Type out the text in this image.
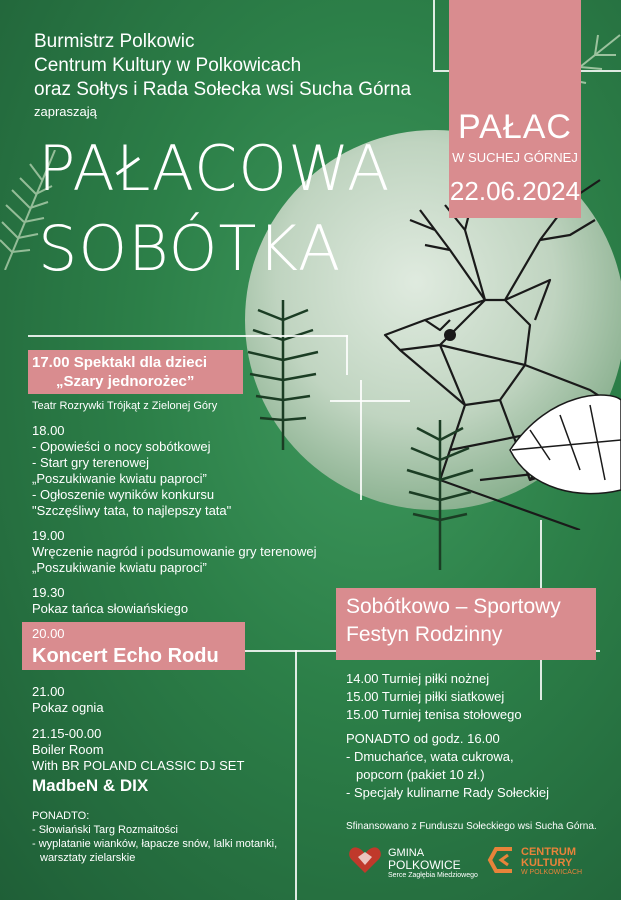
Burmistrz Polkowic
Centrum Kultury w Polkowicach
oraz Sołtys i Rada Sołecka wsi Sucha Górna
zapraszają
PAŁACOWA
SOBÓTKA
PAŁAC
W SUCHEJ GÓRNEJ
22.06.2024
17.00 Spektakl dla dzieci
„Szary jednorożec”
Teatr Rozrywki Trójkąt z Zielonej Góry
18.00
- Opowieści o nocy sobótkowej
- Start gry terenowej
„Poszukiwanie kwiatu paproci”
- Ogłoszenie wyników konkursu
"Szczęśliwy tata, to najlepszy tata"
19.00
Wręczenie nagród i podsumowanie gry terenowej
„Poszukiwanie kwiatu paproci”
19.30
Pokaz tańca słowiańskiego
20.00
Koncert Echo Rodu
21.00
Pokaz ognia
21.15-00.00
Boiler Room
With BR POLAND CLASSIC DJ SET
MadbeN & DIX
PONADTO:
- Słowiański Targ Rozmaitości
- wyplatanie wianków, łapacze snów, lalki motanki,
warsztaty zielarskie
Sobótkowo – Sportowy
Festyn Rodzinny
14.00 Turniej piłki nożnej
15.00 Turniej piłki siatkowej
15.00 Turniej tenisa stołowego
PONADTO od godz. 16.00
- Dmuchańce, wata cukrowa,
popcorn (pakiet 10 zł.)
- Specjały kulinarne Rady Sołeckiej
Sfinansowano z Funduszu Sołeckiego wsi Sucha Górna.
GMINA
POLKOWICE
Serce Zagłębia Miedziowego
CENTRUM
KULTURY
W POLKOWICACH
